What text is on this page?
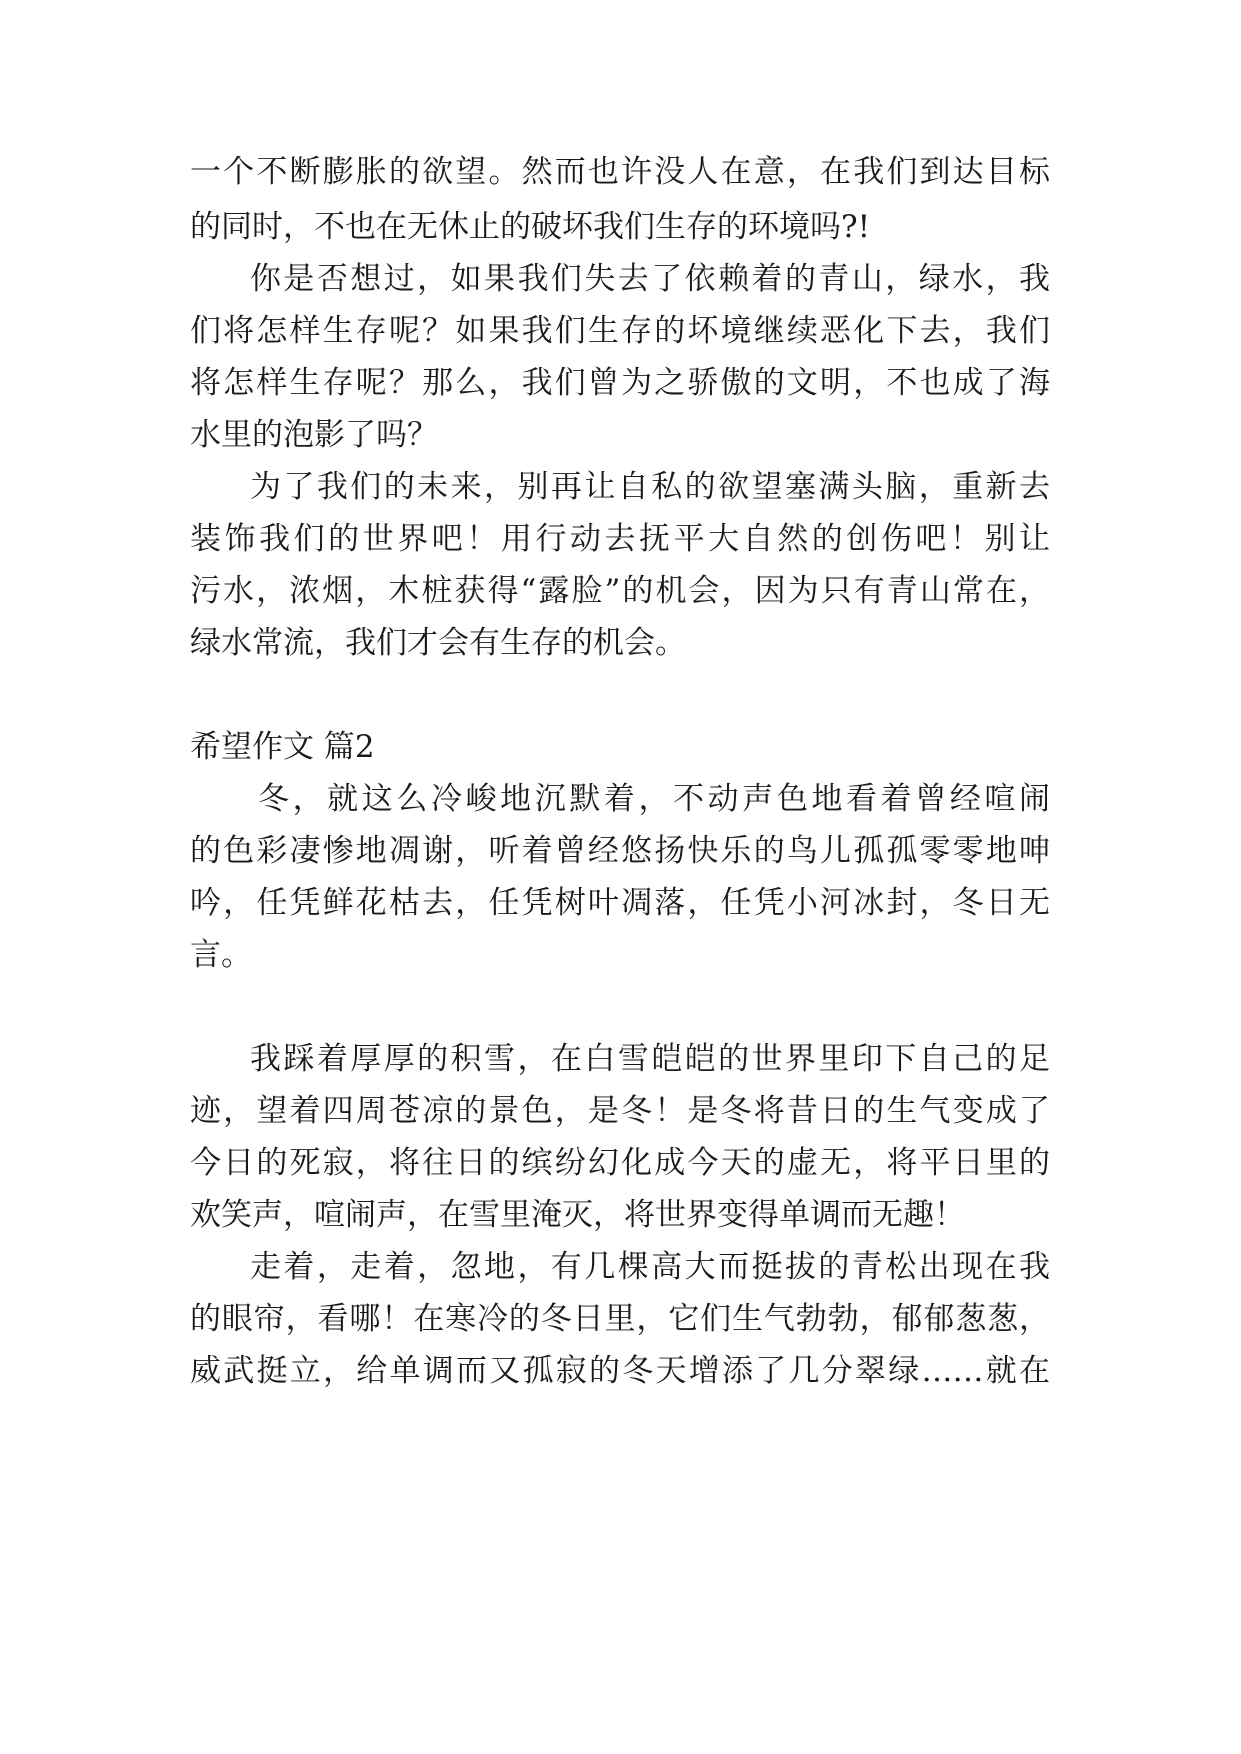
一个不断膨胀的欲望。然而也许没人在意，在我们到达目标
的同时，不也在无休止的破坏我们生存的环境吗?!
你是否想过，如果我们失去了依赖着的青山，绿水，我
们将怎样生存呢？如果我们生存的坏境继续恶化下去，我们
将怎样生存呢？那么，我们曾为之骄傲的文明，不也成了海
水里的泡影了吗？
为了我们的未来，别再让自私的欲望塞满头脑，重新去
装饰我们的世界吧！用行动去抚平大自然的创伤吧！别让
污水，浓烟，木桩获得“露脸”的机会，因为只有青山常在，
绿水常流，我们才会有生存的机会。
希望作文 篇2
冬，就这么冷峻地沉默着，不动声色地看着曾经喧闹
的色彩凄惨地凋谢，听着曾经悠扬快乐的鸟儿孤孤零零地呻
吟，任凭鲜花枯去，任凭树叶凋落，任凭小河冰封，冬日无
言。
我踩着厚厚的积雪，在白雪皑皑的世界里印下自己的足
迹，望着四周苍凉的景色，是冬！是冬将昔日的生气变成了
今日的死寂，将往日的缤纷幻化成今天的虚无，将平日里的
欢笑声，喧闹声，在雪里淹灭，将世界变得单调而无趣！
走着，走着，忽地，有几棵高大而挺拔的青松出现在我
的眼帘，看哪！在寒冷的冬日里，它们生气勃勃，郁郁葱葱，
威武挺立，给单调而又孤寂的冬天增添了几分翠绿……就在
